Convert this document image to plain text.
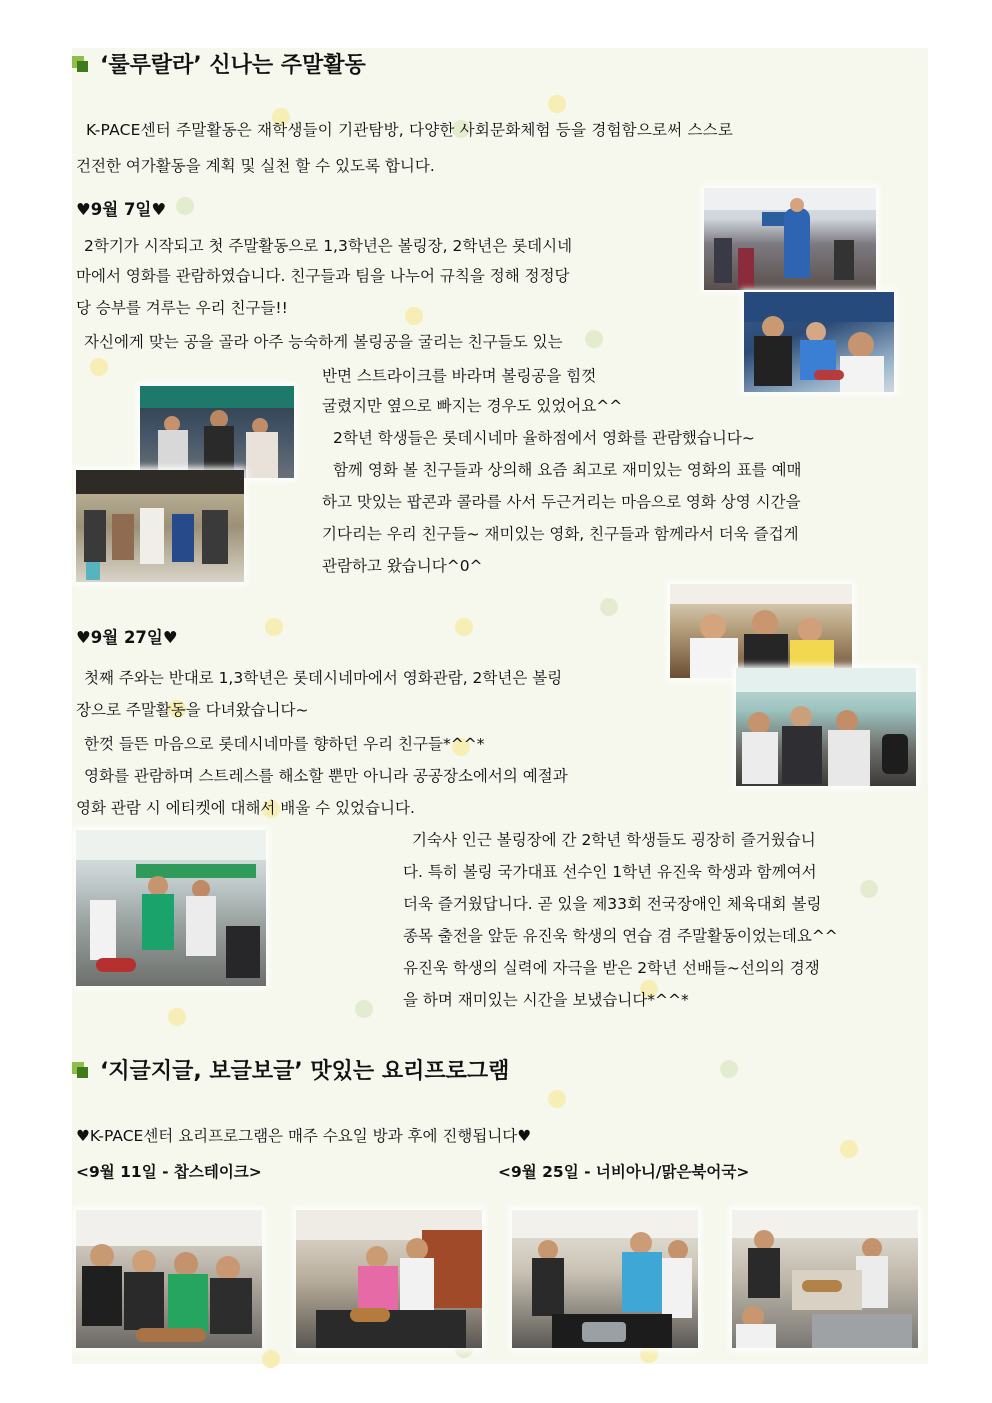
‘룰루랄라’ 신나는 주말활동
K-PACE센터 주말활동은 재학생들이 기관탐방, 다양한 사회문화체험 등을 경험함으로써 스스로
건전한 여가활동을 계획 및 실천 할 수 있도록 합니다.
♥9월 7일♥
2학기가 시작되고 첫 주말활동으로 1,3학년은 볼링장, 2학년은 롯데시네
마에서 영화를 관람하였습니다. 친구들과 팀을 나누어 규칙을 정해 정정당
당 승부를 겨루는 우리 친구들!!
자신에게 맞는 공을 골라 아주 능숙하게 볼링공을 굴리는 친구들도 있는
반면 스트라이크를 바라며 볼링공을 힘껏
굴렸지만 옆으로 빠지는 경우도 있었어요^^
2학년 학생들은 롯데시네마 율하점에서 영화를 관람했습니다~
함께 영화 볼 친구들과 상의해 요즘 최고로 재미있는 영화의 표를 예매
하고 맛있는 팝콘과 콜라를 사서 두근거리는 마음으로 영화 상영 시간을
기다리는 우리 친구들~ 재미있는 영화, 친구들과 함께라서 더욱 즐겁게
관람하고 왔습니다^0^
♥9월 27일♥
첫째 주와는 반대로 1,3학년은 롯데시네마에서 영화관람, 2학년은 볼링
장으로 주말활동을 다녀왔습니다~
한껏 들뜬 마음으로 롯데시네마를 향하던 우리 친구들*^^*
영화를 관람하며 스트레스를 해소할 뿐만 아니라 공공장소에서의 예절과
영화 관람 시 에티켓에 대해서 배울 수 있었습니다.
기숙사 인근 볼링장에 간 2학년 학생들도 굉장히 즐거웠습니
다. 특히 볼링 국가대표 선수인 1학년 유진욱 학생과 함께여서
더욱 즐거웠답니다. 곧 있을 제33회 전국장애인 체육대회 볼링
종목 출전을 앞둔 유진욱 학생의 연습 겸 주말활동이었는데요^^
유진욱 학생의 실력에 자극을 받은 2학년 선배들~선의의 경쟁
을 하며 재미있는 시간을 보냈습니다*^^*
‘지글지글, 보글보글’ 맛있는 요리프로그램
♥K-PACE센터 요리프로그램은 매주 수요일 방과 후에 진행됩니다♥
<9월 11일 - 찹스테이크>	<9월 25일 - 너비아니/맑은북어국>
